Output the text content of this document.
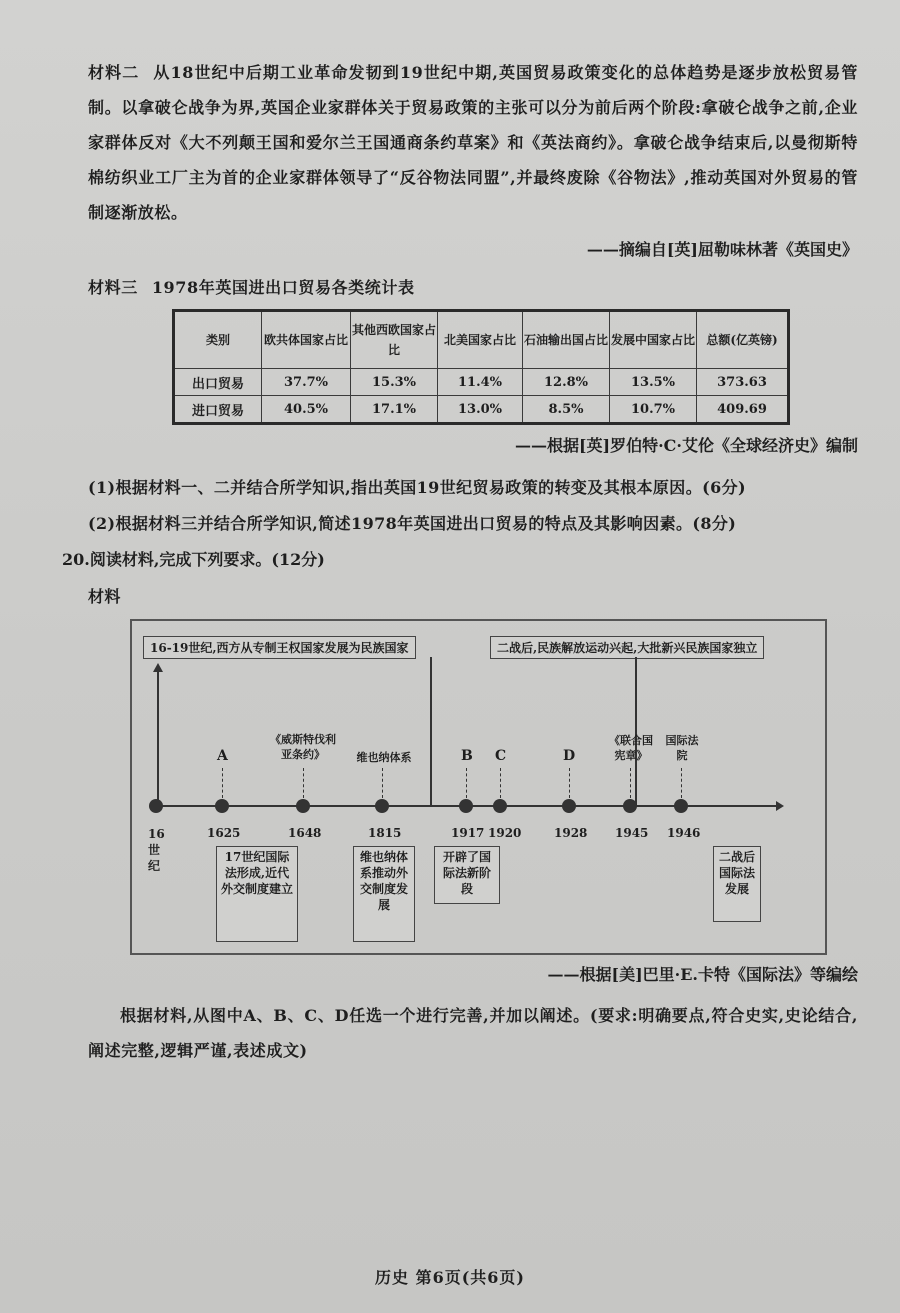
材料二 从18世纪中后期工业革命发韧到19世纪中期,英国贸易政策变化的总体趋势是逐步放松贸易管制。以拿破仑战争为界,英国企业家群体关于贸易政策的主张可以分为前后两个阶段:拿破仑战争之前,企业家群体反对《大不列颠王国和爱尔兰王国通商条约草案》和《英法商约》。拿破仑战争结束后,以曼彻斯特棉纺织业工厂主为首的企业家群体领导了“反谷物法同盟”,并最终废除《谷物法》,推动英国对外贸易的管制逐渐放松。
——摘编自[英]屈勒味林著《英国史》
材料三 1978年英国进出口贸易各类统计表
类别	欧共体国家占比	其他西欧国家占比	北美国家占比	石油输出国占比	发展中国家占比	总额(亿英镑)
出口贸易	37.7%	15.3%	11.4%	12.8%	13.5%	373.63
进口贸易	40.5%	17.1%	13.0%	8.5%	10.7%	409.69
——根据[英]罗伯特·C·艾伦《全球经济史》编制
(1)根据材料一、二并结合所学知识,指出英国19世纪贸易政策的转变及其根本原因。(6分)
(2)根据材料三并结合所学知识,简述1978年英国进出口贸易的特点及其影响因素。(8分)
20.阅读材料,完成下列要求。(12分)
材料
16-19世纪,西方从专制王权国家发展为民族国家	二战后,民族解放运动兴起,大批新兴民族国家独立
16世纪
1625	1648	1815	1917 1920	1928 1945 1946
A
《威斯特伐利亚条约》	维也纳体系	B C	D
《联合国宪章》
国际法院
17世纪国际法形成,近代外交制度建立
维也纳体系推动外交制度发展
开辟了国际法新阶段
二战后国际法发展
——根据[美]巴里·E.卡特《国际法》等编绘
根据材料,从图中A、B、C、D任选一个进行完善,并加以阐述。(要求:明确要点,符合史实,史论结合,阐述完整,逻辑严谨,表述成文)
历史 第6页(共6页)
